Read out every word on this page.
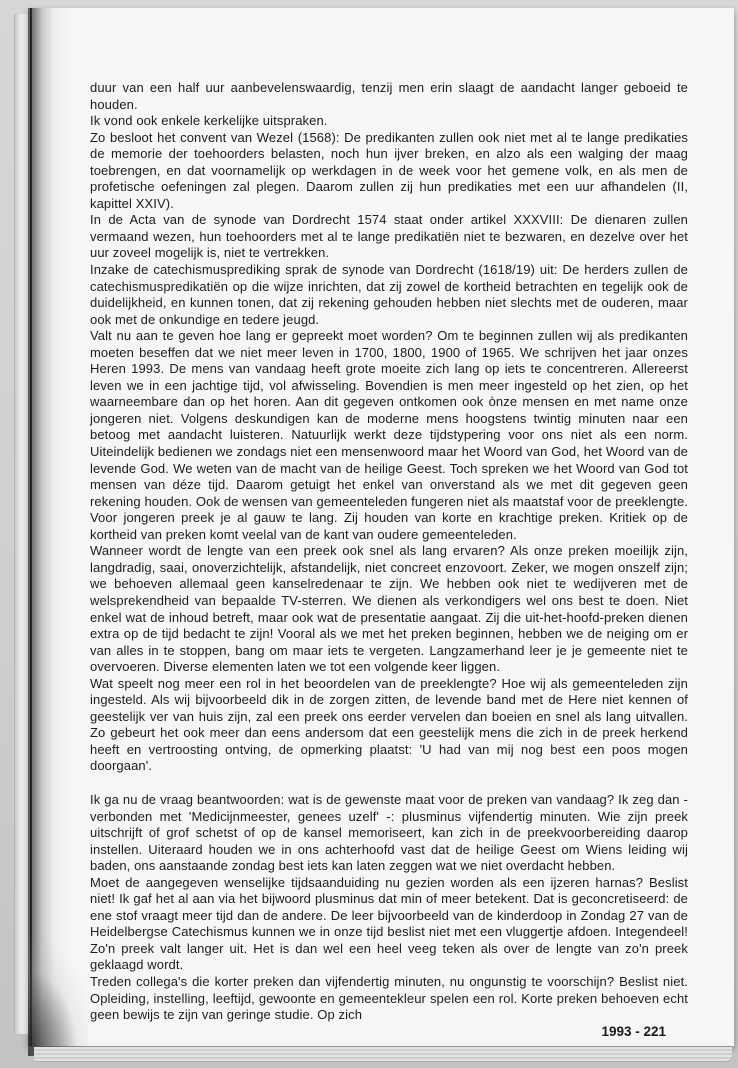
duur van een half uur aanbevelenswaardig, tenzij men erin slaagt de aandacht langer geboeid te houden.

Ik vond ook enkele kerkelijke uitspraken.

Zo besloot het convent van Wezel (1568): De predikanten zullen ook niet met al te lange predikaties de memorie der toehoorders belasten, noch hun ijver breken, en alzo als een walging der maag toebrengen, en dat voornamelijk op werkdagen in de week voor het gemene volk, en als men de profetische oefeningen zal plegen. Daarom zullen zij hun predikaties met een uur afhandelen (II, kapittel XXIV).

In de Acta van de synode van Dordrecht 1574 staat onder artikel XXXVIII: De dienaren zullen vermaand wezen, hun toehoorders met al te lange predikatiën niet te bezwaren, en dezelve over het uur zoveel mogelijk is, niet te vertrekken.

Inzake de catechismusprediking sprak de synode van Dordrecht (1618/19) uit: De herders zullen de catechismuspredikatiën op die wijze inrichten, dat zij zowel de kortheid betrachten en tegelijk ook de duidelijkheid, en kunnen tonen, dat zij rekening gehouden hebben niet slechts met de ouderen, maar ook met de onkundige en tedere jeugd.

Valt nu aan te geven hoe lang er gepreekt moet worden? Om te beginnen zullen wij als predikanten moeten beseffen dat we niet meer leven in 1700, 1800, 1900 of 1965. We schrijven het jaar onzes Heren 1993. De mens van vandaag heeft grote moeite zich lang op iets te concentreren. Allereerst leven we in een jachtige tijd, vol afwisseling. Bovendien is men meer ingesteld op het zien, op het waarneembare dan op het horen. Aan dit gegeven ontkomen ook ònze mensen en met name onze jongeren niet. Volgens deskundigen kan de moderne mens hoogstens twintig minuten naar een betoog met aandacht luisteren. Natuurlijk werkt deze tijdstypering voor ons niet als een norm. Uiteindelijk bedienen we zondags niet een mensenwoord maar het Woord van God, het Woord van de levende God. We weten van de macht van de heilige Geest. Toch spreken we het Woord van God tot mensen van déze tijd. Daarom getuigt het enkel van onverstand als we met dit gegeven geen rekening houden. Ook de wensen van gemeenteleden fungeren niet als maatstaf voor de preeklengte. Voor jongeren preek je al gauw te lang. Zij houden van korte en krachtige preken. Kritiek op de kortheid van preken komt veelal van de kant van oudere gemeenteleden.

Wanneer wordt de lengte van een preek ook snel als lang ervaren? Als onze preken moeilijk zijn, langdradig, saai, onoverzichtelijk, afstandelijk, niet concreet enzovoort. Zeker, we mogen onszelf zijn; we behoeven allemaal geen kanselredenaar te zijn. We hebben ook niet te wedijveren met de welsprekendheid van bepaalde TV-sterren. We dienen als verkondigers wel ons best te doen. Niet enkel wat de inhoud betreft, maar ook wat de presentatie aangaat. Zij die uit-het-hoofd-preken dienen extra op de tijd bedacht te zijn! Vooral als we met het preken beginnen, hebben we de neiging om er van alles in te stoppen, bang om maar iets te vergeten. Langzamerhand leer je je gemeente niet te overvoeren. Diverse elementen laten we tot een volgende keer liggen.

Wat speelt nog meer een rol in het beoordelen van de preeklengte? Hoe wij als gemeenteleden zijn ingesteld. Als wij bijvoorbeeld dik in de zorgen zitten, de levende band met de Here niet kennen of geestelijk ver van huis zijn, zal een preek ons eerder vervelen dan boeien en snel als lang uitvallen. Zo gebeurt het ook meer dan eens andersom dat een geestelijk mens die zich in de preek herkend heeft en vertroosting ontving, de opmerking plaatst: 'U had van mij nog best een poos mogen doorgaan'.

Ik ga nu de vraag beantwoorden: wat is de gewenste maat voor de preken van vandaag? Ik zeg dan - verbonden met 'Medicijnmeester, genees uzelf' -: plusminus vijfendertig minuten. Wie zijn preek uitschrijft of grof schetst of op de kansel memoriseert, kan zich in de preekvoorbereiding daarop instellen. Uiteraard houden we in ons achterhoofd vast dat de heilige Geest om Wiens leiding wij baden, ons aanstaande zondag best iets kan laten zeggen wat we niet overdacht hebben.

Moet de aangegeven wenselijke tijdsaanduiding nu gezien worden als een ijzeren harnas? Beslist niet! Ik gaf het al aan via het bijwoord plusminus dat min of meer betekent. Dat is geconcretiseerd: de ene stof vraagt meer tijd dan de andere. De leer bijvoorbeeld van de kinderdoop in Zondag 27 van de Heidelbergse Catechismus kunnen we in onze tijd beslist niet met een vluggertje afdoen. Integendeel! Zo'n preek valt langer uit. Het is dan wel een heel veeg teken als over de lengte van zo'n preek geklaagd wordt.

Treden collega's die korter preken dan vijfendertig minuten, nu ongunstig te voorschijn? Beslist niet. Opleiding, instelling, leeftijd, gewoonte en gemeentekleur spelen een rol. Korte preken behoeven echt geen bewijs te zijn van geringe studie. Op zich

1993 - 221
